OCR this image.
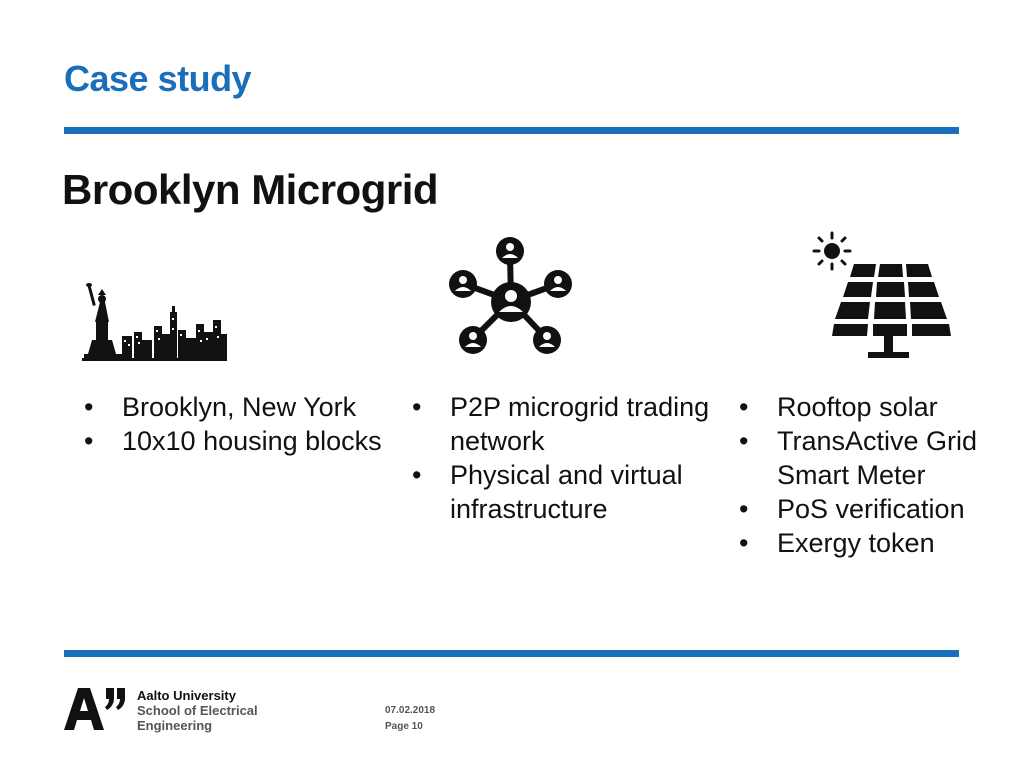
Case study
Brooklyn Microgrid
• Brooklyn, New York
• 10x10 housing blocks
• P2P microgrid trading network
• Physical and virtual infrastructure
• Rooftop solar
• TransActive Grid Smart Meter
• PoS verification
• Exergy token
Aalto University
School of Electrical
Engineering
07.02.2018
Page 10
